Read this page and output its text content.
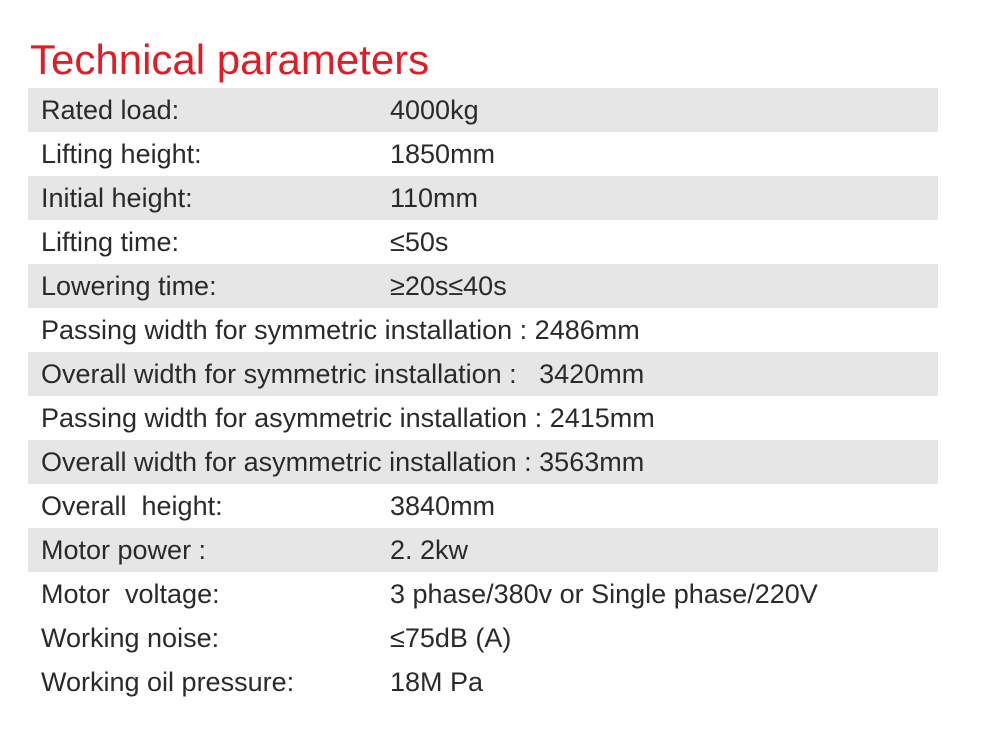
Technical parameters
Rated load:	4000kg
Lifting height:	1850mm
Initial height:	110mm
Lifting time:	≤50s
Lowering time:	≥20s≤40s
Passing width for symmetric installation : 2486mm
Overall width for symmetric installation :   3420mm
Passing width for asymmetric installation : 2415mm
Overall width for asymmetric installation : 3563mm
Overall  height:	3840mm
Motor power :	2. 2kw
Motor  voltage:	3 phase/380v or Single phase/220V
Working noise:	≤75dB (A)
Working oil pressure:	18M Pa
